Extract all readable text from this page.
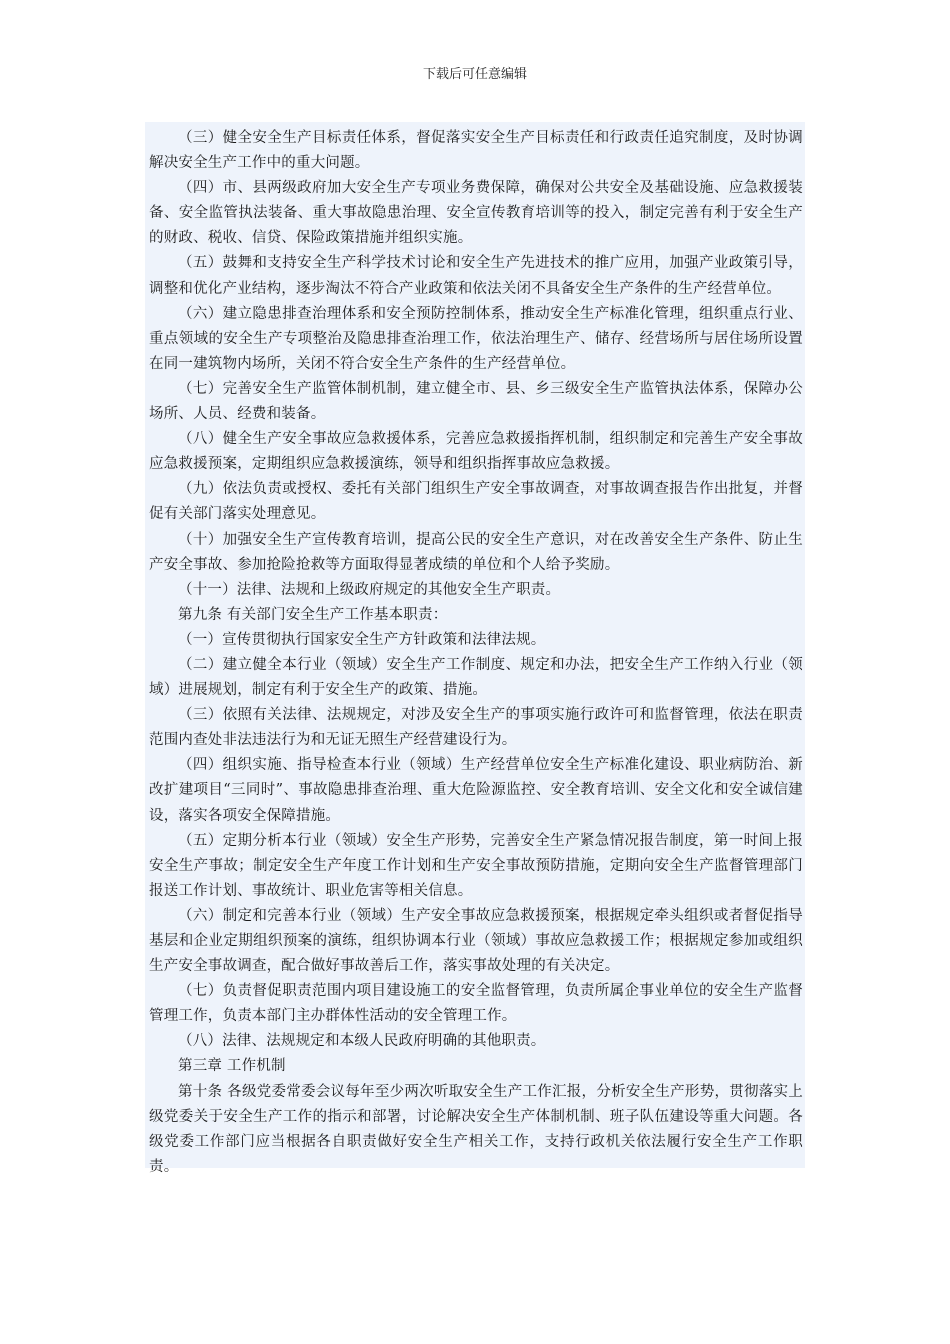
下载后可任意编辑

（三）健全安全生产目标责任体系，督促落实安全生产目标责任和行政责任追究制度，及时协调解决安全生产工作中的重大问题。

（四）市、县两级政府加大安全生产专项业务费保障，确保对公共安全及基础设施、应急救援装备、安全监管执法装备、重大事故隐患治理、安全宣传教育培训等的投入，制定完善有利于安全生产的财政、税收、信贷、保险政策措施并组织实施。

（五）鼓舞和支持安全生产科学技术讨论和安全生产先进技术的推广应用，加强产业政策引导，调整和优化产业结构，逐步淘汰不符合产业政策和依法关闭不具备安全生产条件的生产经营单位。

（六）建立隐患排查治理体系和安全预防控制体系，推动安全生产标准化管理，组织重点行业、重点领域的安全生产专项整治及隐患排查治理工作，依法治理生产、储存、经营场所与居住场所设置在同一建筑物内场所，关闭不符合安全生产条件的生产经营单位。

（七）完善安全生产监管体制机制，建立健全市、县、乡三级安全生产监管执法体系，保障办公场所、人员、经费和装备。

（八）健全生产安全事故应急救援体系，完善应急救援指挥机制，组织制定和完善生产安全事故应急救援预案，定期组织应急救援演练，领导和组织指挥事故应急救援。

（九）依法负责或授权、委托有关部门组织生产安全事故调查，对事故调查报告作出批复，并督促有关部门落实处理意见。

（十）加强安全生产宣传教育培训，提高公民的安全生产意识，对在改善安全生产条件、防止生产安全事故、参加抢险抢救等方面取得显著成绩的单位和个人给予奖励。

（十一）法律、法规和上级政府规定的其他安全生产职责。

第九条 有关部门安全生产工作基本职责：

（一）宣传贯彻执行国家安全生产方针政策和法律法规。

（二）建立健全本行业（领域）安全生产工作制度、规定和办法，把安全生产工作纳入行业（领域）进展规划，制定有利于安全生产的政策、措施。

（三）依照有关法律、法规规定，对涉及安全生产的事项实施行政许可和监督管理，依法在职责范围内查处非法违法行为和无证无照生产经营建设行为。

（四）组织实施、指导检查本行业（领域）生产经营单位安全生产标准化建设、职业病防治、新改扩建项目“三同时”、事故隐患排查治理、重大危险源监控、安全教育培训、安全文化和安全诚信建设，落实各项安全保障措施。

（五）定期分析本行业（领域）安全生产形势，完善安全生产紧急情况报告制度，第一时间上报安全生产事故；制定安全生产年度工作计划和生产安全事故预防措施，定期向安全生产监督管理部门报送工作计划、事故统计、职业危害等相关信息。

（六）制定和完善本行业（领域）生产安全事故应急救援预案，根据规定牵头组织或者督促指导基层和企业定期组织预案的演练，组织协调本行业（领域）事故应急救援工作；根据规定参加或组织生产安全事故调查，配合做好事故善后工作，落实事故处理的有关决定。

（七）负责督促职责范围内项目建设施工的安全监督管理，负责所属企事业单位的安全生产监督管理工作，负责本部门主办群体性活动的安全管理工作。

（八）法律、法规规定和本级人民政府明确的其他职责。

第三章 工作机制

第十条 各级党委常委会议每年至少两次听取安全生产工作汇报，分析安全生产形势，贯彻落实上级党委关于安全生产工作的指示和部署，讨论解决安全生产体制机制、班子队伍建设等重大问题。各级党委工作部门应当根据各自职责做好安全生产相关工作，支持行政机关依法履行安全生产工作职责。
